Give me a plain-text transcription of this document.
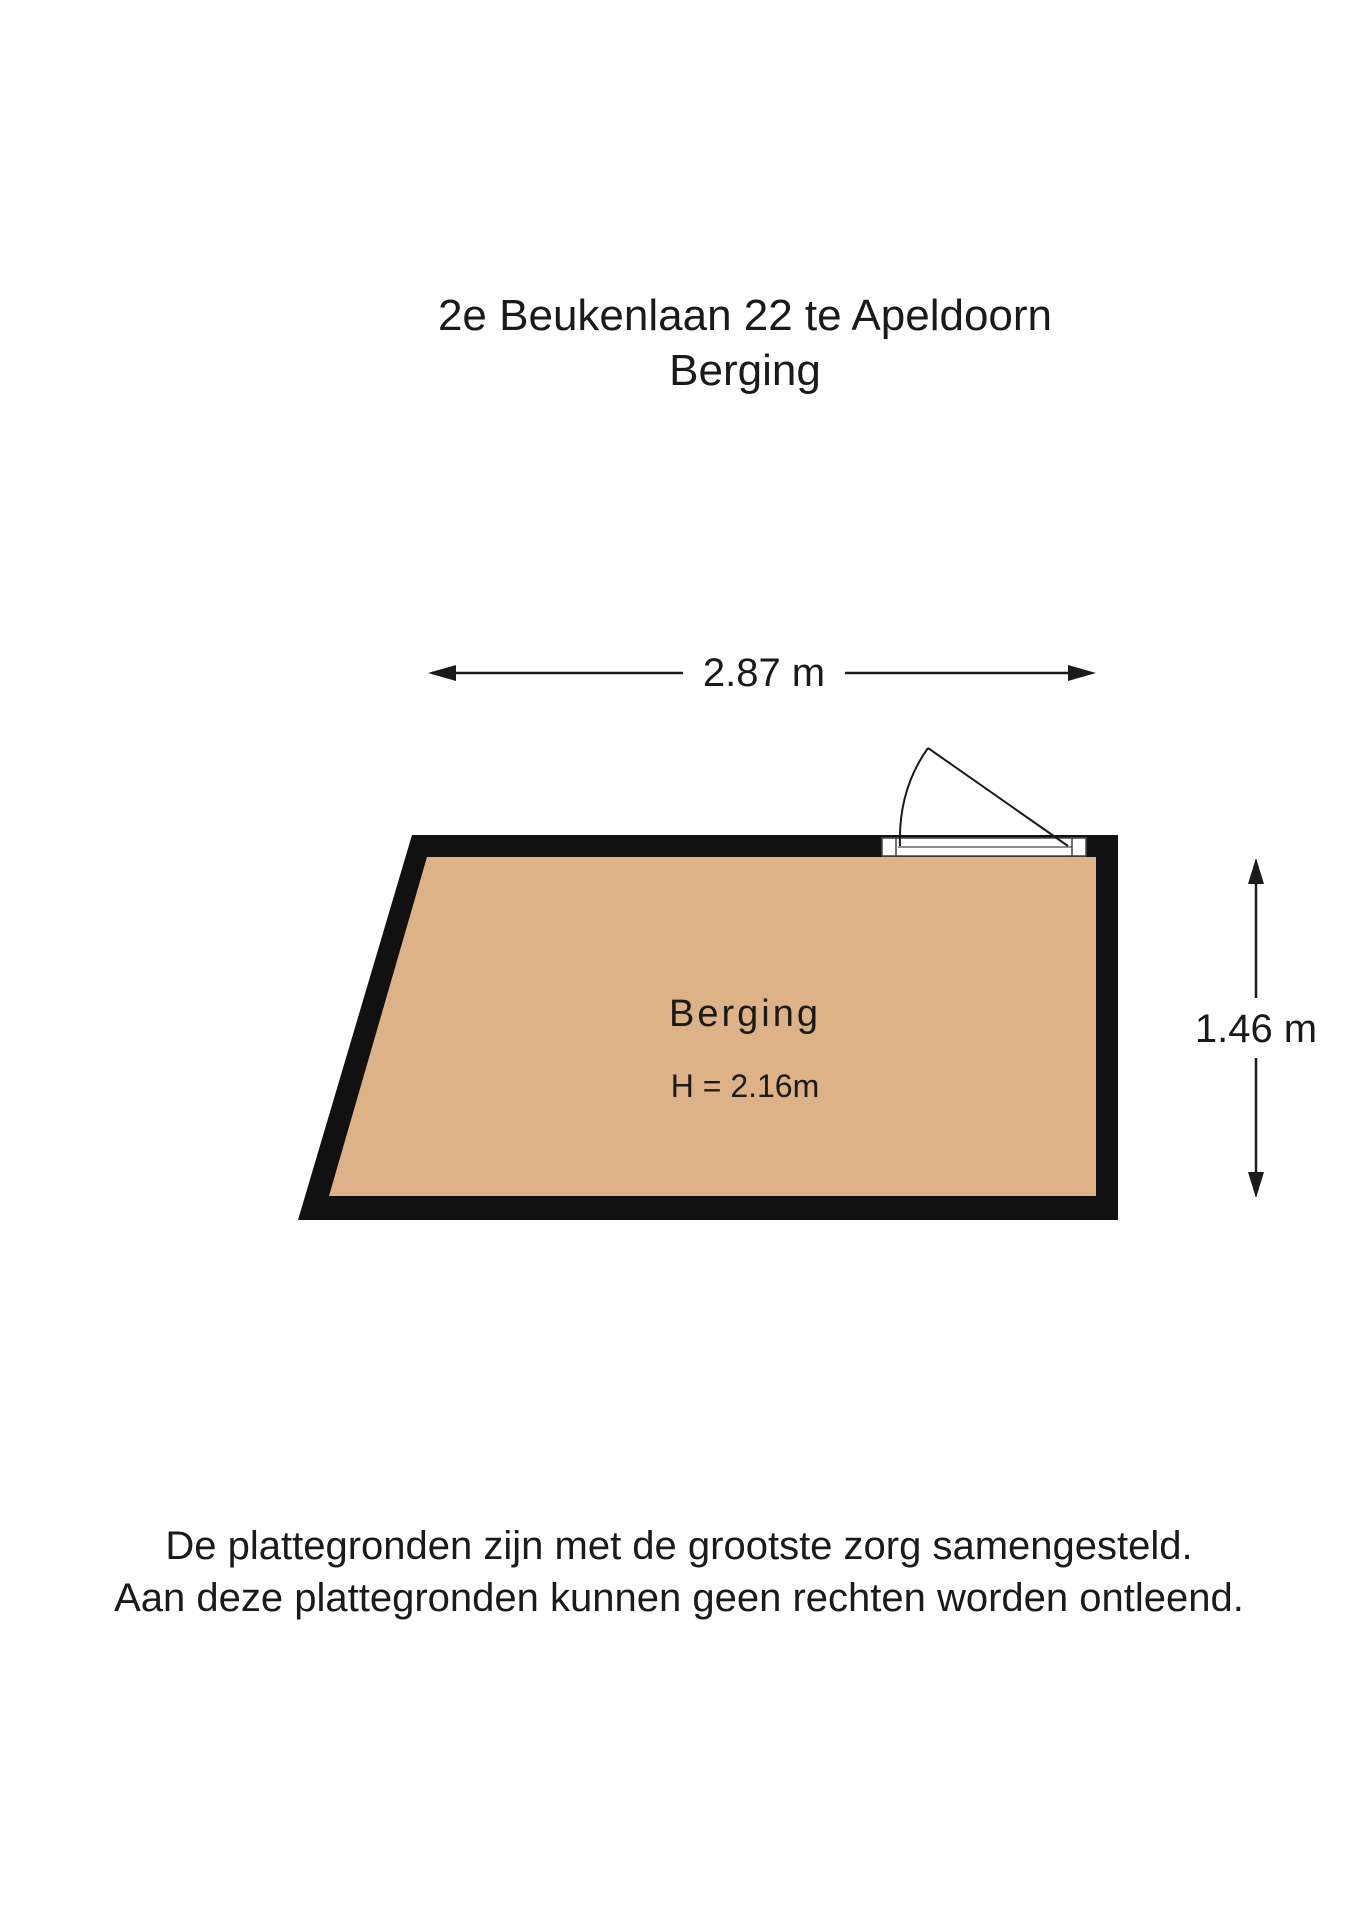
2e Beukenlaan 22 te Apeldoorn
Berging
2.87 m
1.46 m
Berging
H = 2.16m
De plattegronden zijn met de grootste zorg samengesteld.
Aan deze plattegronden kunnen geen rechten worden ontleend.
